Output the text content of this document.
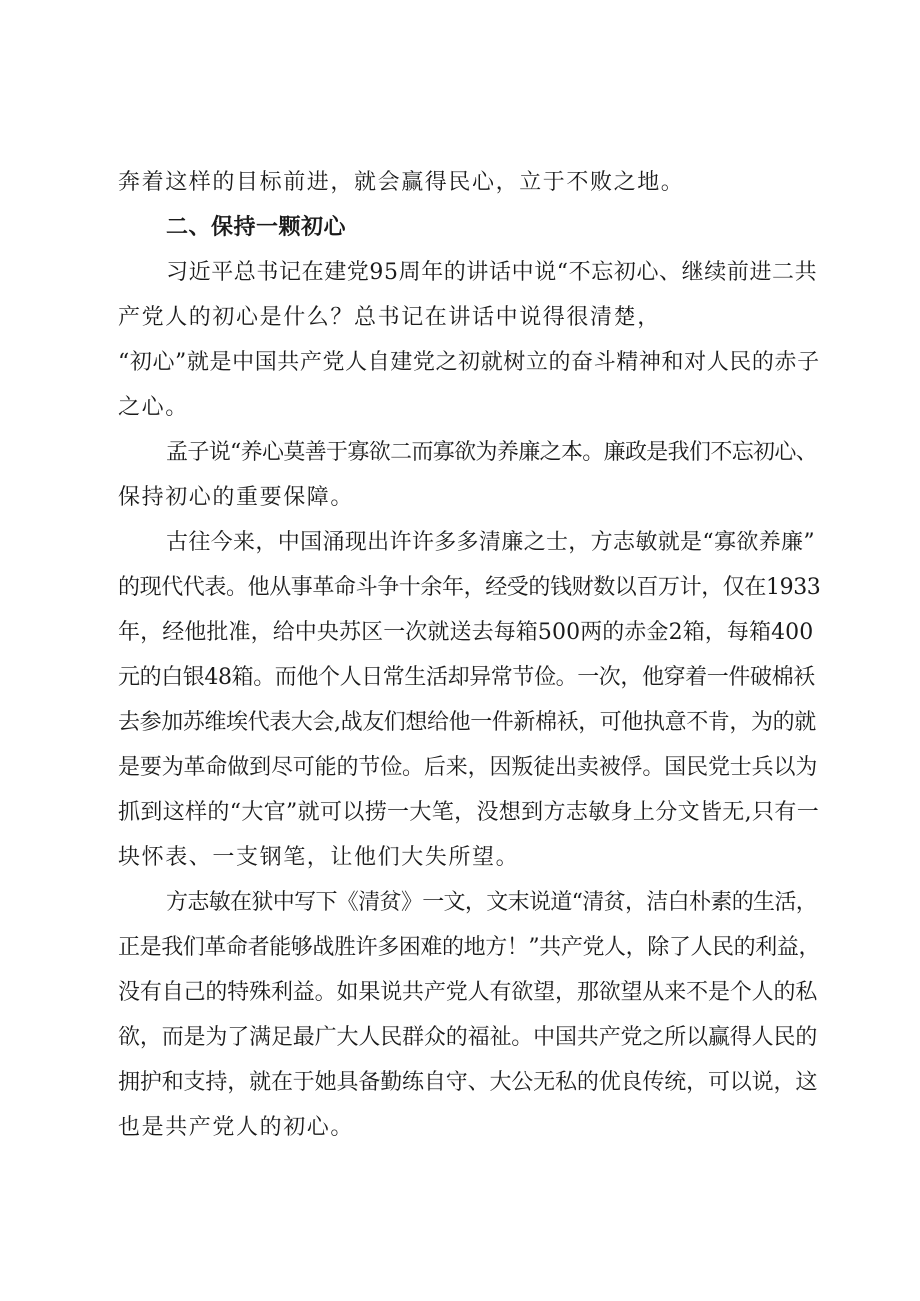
奔着这样的目标前进，就会赢得民心，立于不败之地。
二、保持一颗初心
习近平总书记在建党95周年的讲话中说“不忘初心、继续前进二共
产党人的初心是什么？总书记在讲话中说得很清楚，
“初心”就是中国共产党人自建党之初就树立的奋斗精神和对人民的赤子
之心。
孟子说“养心莫善于寡欲二而寡欲为养廉之本。廉政是我们不忘初心、
保持初心的重要保障。
古往今来，中国涌现出许许多多清廉之士，方志敏就是“寡欲养廉”
的现代代表。他从事革命斗争十余年，经受的钱财数以百万计，仅在1933
年，经他批准，给中央苏区一次就送去每箱500两的赤金2箱，每箱400
元的白银48箱。而他个人日常生活却异常节俭。一次，他穿着一件破棉袄
去参加苏维埃代表大会,战友们想给他一件新棉袄，可他执意不肯，为的就
是要为革命做到尽可能的节俭。后来，因叛徒出卖被俘。国民党士兵以为
抓到这样的“大官”就可以捞一大笔，没想到方志敏身上分文皆无,只有一
块怀表、一支钢笔，让他们大失所望。
方志敏在狱中写下《清贫》一文，文末说道“清贫，洁白朴素的生活，
正是我们革命者能够战胜许多困难的地方！”共产党人，除了人民的利益，
没有自己的特殊利益。如果说共产党人有欲望，那欲望从来不是个人的私
欲，而是为了满足最广大人民群众的福祉。中国共产党之所以赢得人民的
拥护和支持，就在于她具备勤练自守、大公无私的优良传统，可以说，这
也是共产党人的初心。
